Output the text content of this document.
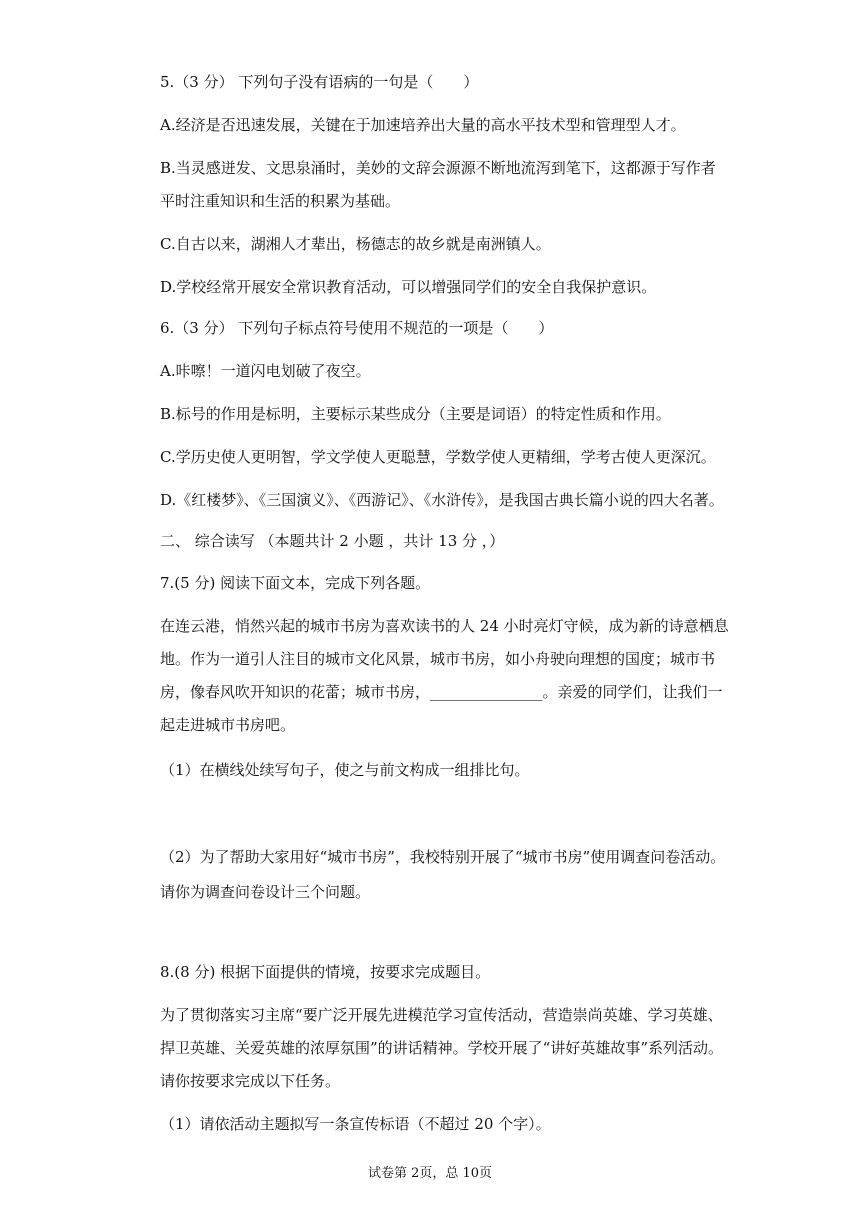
5.（3 分） 下列句子没有语病的一句是（　　）
A.经济是否迅速发展，关键在于加速培养出大量的高水平技术型和管理型人才。
B.当灵感迸发、文思泉涌时，美妙的文辞会源源不断地流泻到笔下，这都源于写作者
平时注重知识和生活的积累为基础。
C.自古以来，湖湘人才辈出，杨德志的故乡就是南洲镇人。
D.学校经常开展安全常识教育活动，可以增强同学们的安全自我保护意识。
6.（3 分） 下列句子标点符号使用不规范的一项是（　　）
A.咔嚓！一道闪电划破了夜空。
B.标号的作用是标明，主要标示某些成分（主要是词语）的特定性质和作用。
C.学历史使人更明智，学文学使人更聪慧，学数学使人更精细，学考古使人更深沉。
D.《红楼梦》、《三国演义》、《西游记》、《水浒传》，是我国古典长篇小说的四大名著。
二、 综合读写 （本题共计 2 小题 ，共计 13 分 ，）
7.(5 分) 阅读下面文本，完成下列各题。
在连云港，悄然兴起的城市书房为喜欢读书的人 24 小时亮灯守候，成为新的诗意栖息
地。作为一道引人注目的城市文化风景，城市书房，如小舟驶向理想的国度；城市书
房，像春风吹开知识的花蕾；城市书房，_______________。亲爱的同学们，让我们一
起走进城市书房吧。
（1）在横线处续写句子，使之与前文构成一组排比句。
（2）为了帮助大家用好“城市书房”，我校特别开展了“城市书房”使用调查问卷活动。
请你为调查问卷设计三个问题。
8.(8 分) 根据下面提供的情境，按要求完成题目。
为了贯彻落实习主席“要广泛开展先进模范学习宣传活动，营造崇尚英雄、学习英雄、
捍卫英雄、关爱英雄的浓厚氛围”的讲话精神。学校开展了“讲好英雄故事”系列活动。
请你按要求完成以下任务。
（1）请依活动主题拟写一条宣传标语（不超过 20 个字）。
试卷第 2页，总 10页
